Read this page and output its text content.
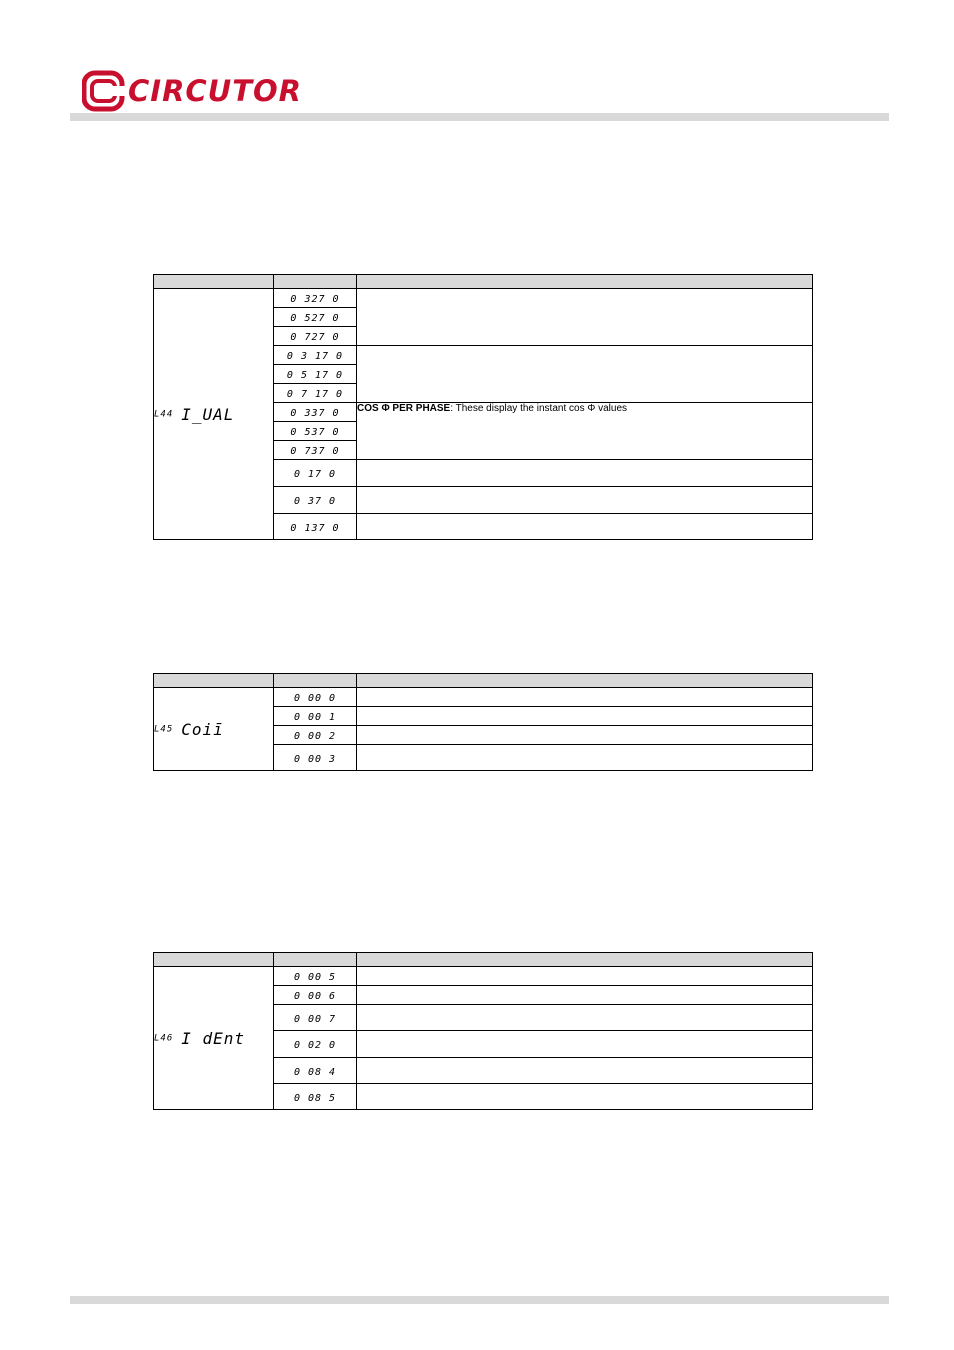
CIRCUTOR

L44 I_UAL	0 327 0	
	0 527 0	
	0 727 0	
	0 3 17 0	
	0 5 17 0	
	0 7 17 0	
	0 337 0	COS Φ PER PHASE: These display the instant cos Φ values
	0 537 0	
	0 737 0	
	0 17 0	
	0 37 0	
	0 137 0	

L45 Coiī	0 00 0	
	0 00 1	
	0 00 2	
	0 00 3	

L46 I dEnt	0 00 5	
	0 00 6	
	0 00 7	
	0 02 0	
	0 08 4	
	0 08 5	
